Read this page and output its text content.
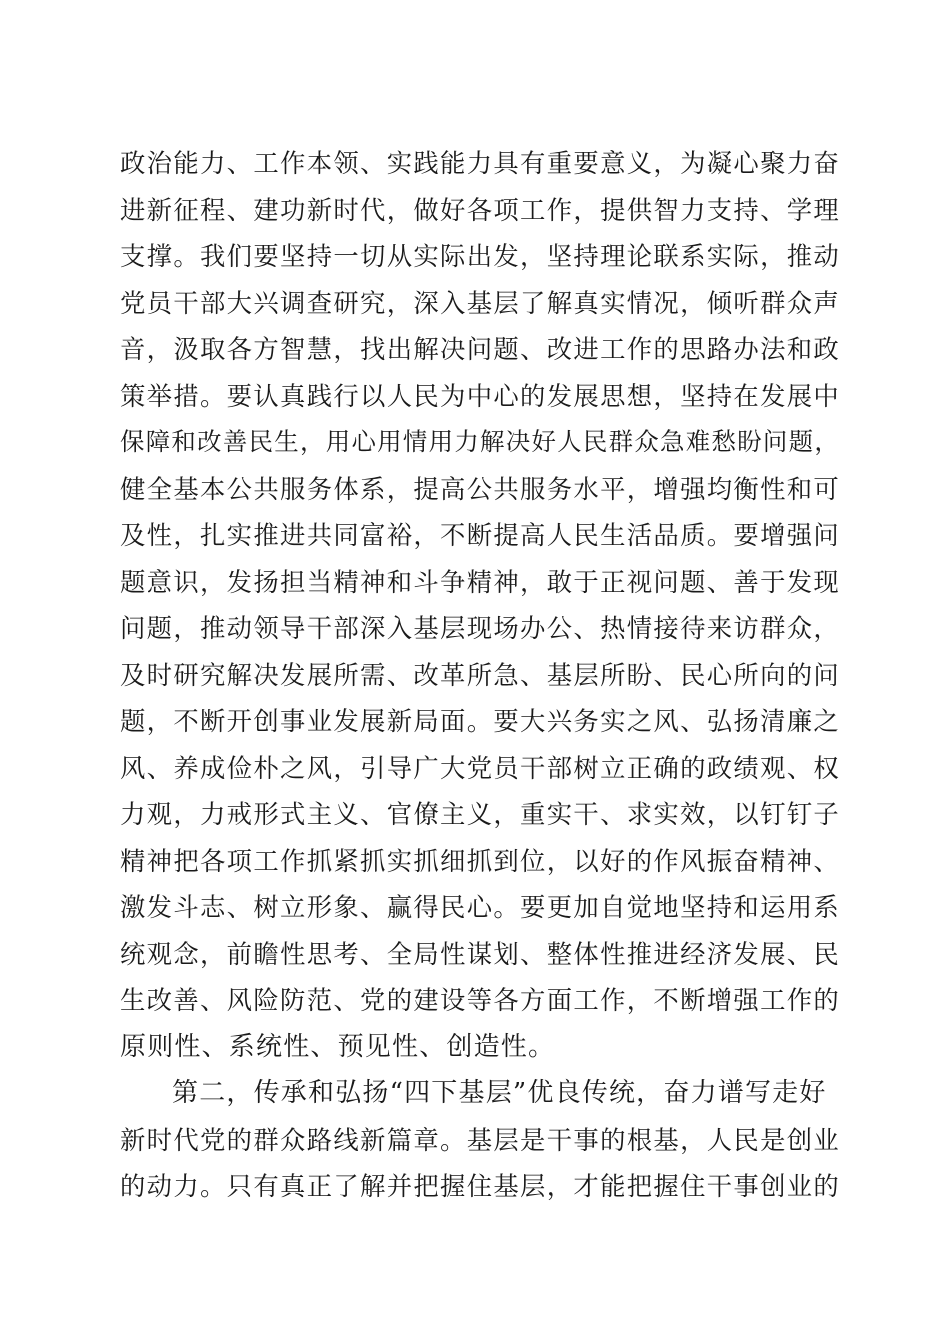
政治能力、工作本领、实践能力具有重要意义，为凝心聚力奋
进新征程、建功新时代，做好各项工作，提供智力支持、学理
支撑。我们要坚持一切从实际出发，坚持理论联系实际，推动
党员干部大兴调查研究，深入基层了解真实情况，倾听群众声
音，汲取各方智慧，找出解决问题、改进工作的思路办法和政
策举措。要认真践行以人民为中心的发展思想，坚持在发展中
保障和改善民生，用心用情用力解决好人民群众急难愁盼问题，
健全基本公共服务体系，提高公共服务水平，增强均衡性和可
及性，扎实推进共同富裕，不断提高人民生活品质。要增强问
题意识，发扬担当精神和斗争精神，敢于正视问题、善于发现
问题，推动领导干部深入基层现场办公、热情接待来访群众，
及时研究解决发展所需、改革所急、基层所盼、民心所向的问
题，不断开创事业发展新局面。要大兴务实之风、弘扬清廉之
风、养成俭朴之风，引导广大党员干部树立正确的政绩观、权
力观，力戒形式主义、官僚主义，重实干、求实效，以钉钉子
精神把各项工作抓紧抓实抓细抓到位，以好的作风振奋精神、
激发斗志、树立形象、赢得民心。要更加自觉地坚持和运用系
统观念，前瞻性思考、全局性谋划、整体性推进经济发展、民
生改善、风险防范、党的建设等各方面工作，不断增强工作的
原则性、系统性、预见性、创造性。
第二，传承和弘扬“四下基层”优良传统，奋力谱写走好
新时代党的群众路线新篇章。基层是干事的根基，人民是创业
的动力。只有真正了解并把握住基层，才能把握住干事创业的
